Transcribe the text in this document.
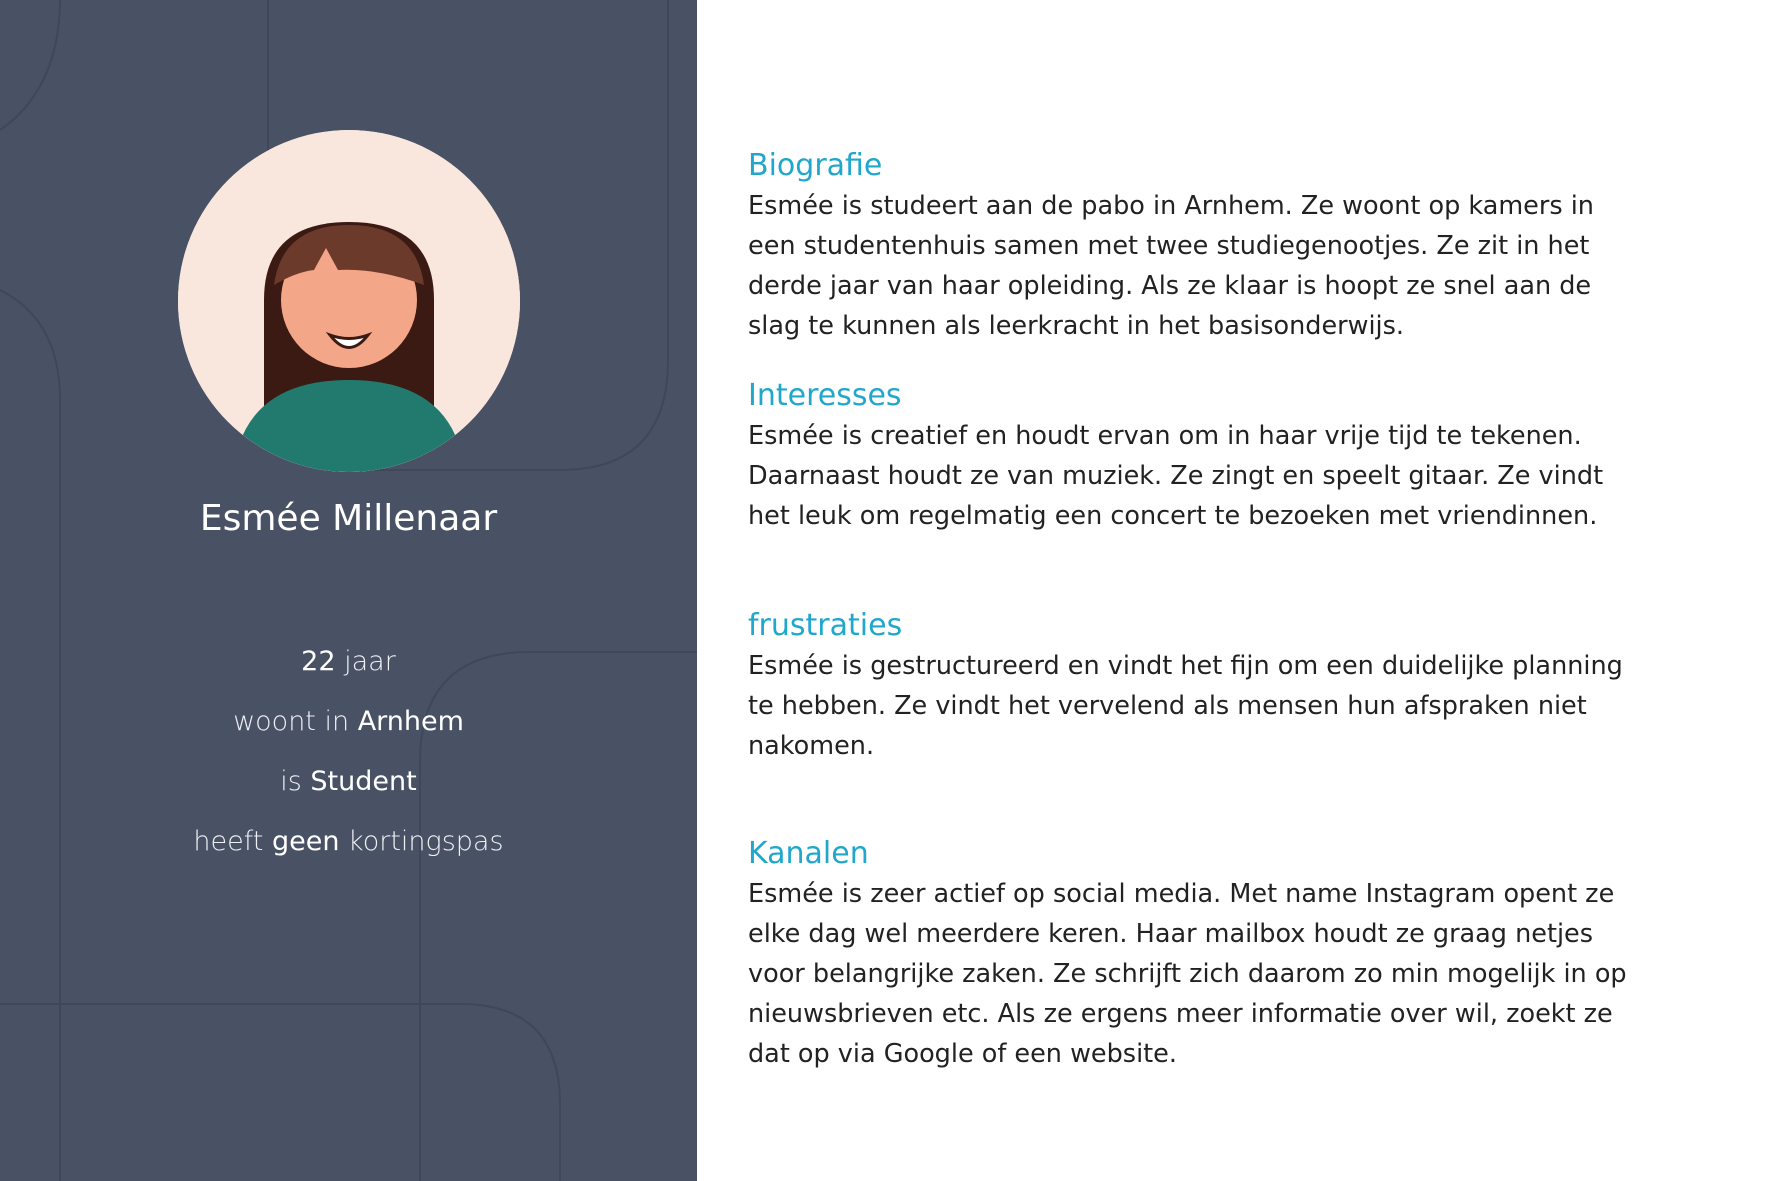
Esmée Millenaar
22 jaar
woont in Arnhem
is Student
heeft geen kortingspas
Biografie

Esmée is studeert aan de pabo in Arnhem. Ze woont op kamers in een studentenhuis samen met twee studiegenootjes. Ze zit in het derde jaar van haar opleiding. Als ze klaar is hoopt ze snel aan de slag te kunnen als leerkracht in het basisonderwijs.

Interesses

Esmée is creatief en houdt ervan om in haar vrije tijd te tekenen. Daarnaast houdt ze van muziek. Ze zingt en speelt gitaar. Ze vindt het leuk om regelmatig een concert te bezoeken met vriendinnen.

frustraties

Esmée is gestructureerd en vindt het fijn om een duidelijke planning te hebben. Ze vindt het vervelend als mensen hun afspraken niet nakomen.

Kanalen

Esmée is zeer actief op social media. Met name Instagram opent ze elke dag wel meerdere keren. Haar mailbox houdt ze graag netjes voor belangrijke zaken. Ze schrijft zich daarom zo min mogelijk in op nieuwsbrieven etc. Als ze ergens meer informatie over wil, zoekt ze dat op via Google of een website.
